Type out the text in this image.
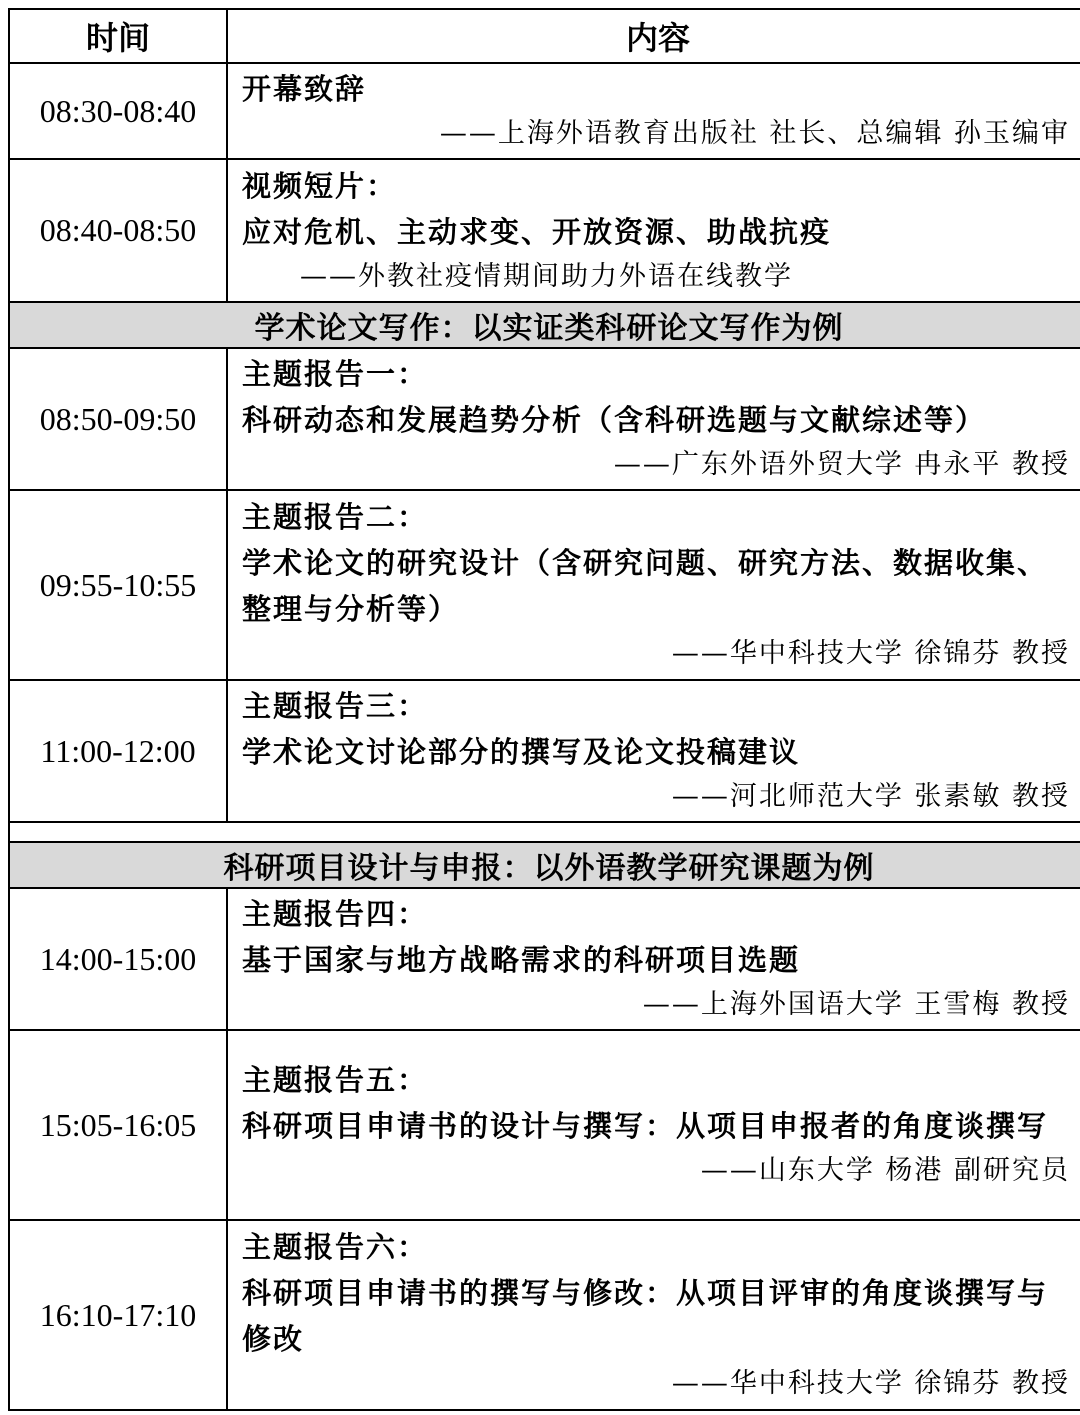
时间	内容
08:30-08:40	开幕致辞
——上海外语教育出版社 社长、总编辑 孙玉编审

08:40-08:50	视频短片：
应对危机、主动求变、开放资源、助战抗疫
——外教社疫情期间助力外语在线教学

学术论文写作：以实证类科研论文写作为例	
08:50-09:50	主题报告一：
科研动态和发展趋势分析（含科研选题与文献综述等）
——广东外语外贸大学 冉永平 教授

09:55-10:55	主题报告二：
学术论文的研究设计（含研究问题、研究方法、数据收集、整理与分析等）
——华中科技大学 徐锦芬 教授

11:00-12:00	主题报告三：
学术论文讨论部分的撰写及论文投稿建议
——河北师范大学 张素敏 教授

科研项目设计与申报：以外语教学研究课题为例	
14:00-15:00	主题报告四：
基于国家与地方战略需求的科研项目选题
——上海外国语大学 王雪梅 教授

15:05-16:05	主题报告五：
科研项目申请书的设计与撰写：从项目申报者的角度谈撰写
——山东大学 杨港 副研究员

16:10-17:10	主题报告六：
科研项目申请书的撰写与修改：从项目评审的角度谈撰写与修改
——华中科技大学 徐锦芬 教授
